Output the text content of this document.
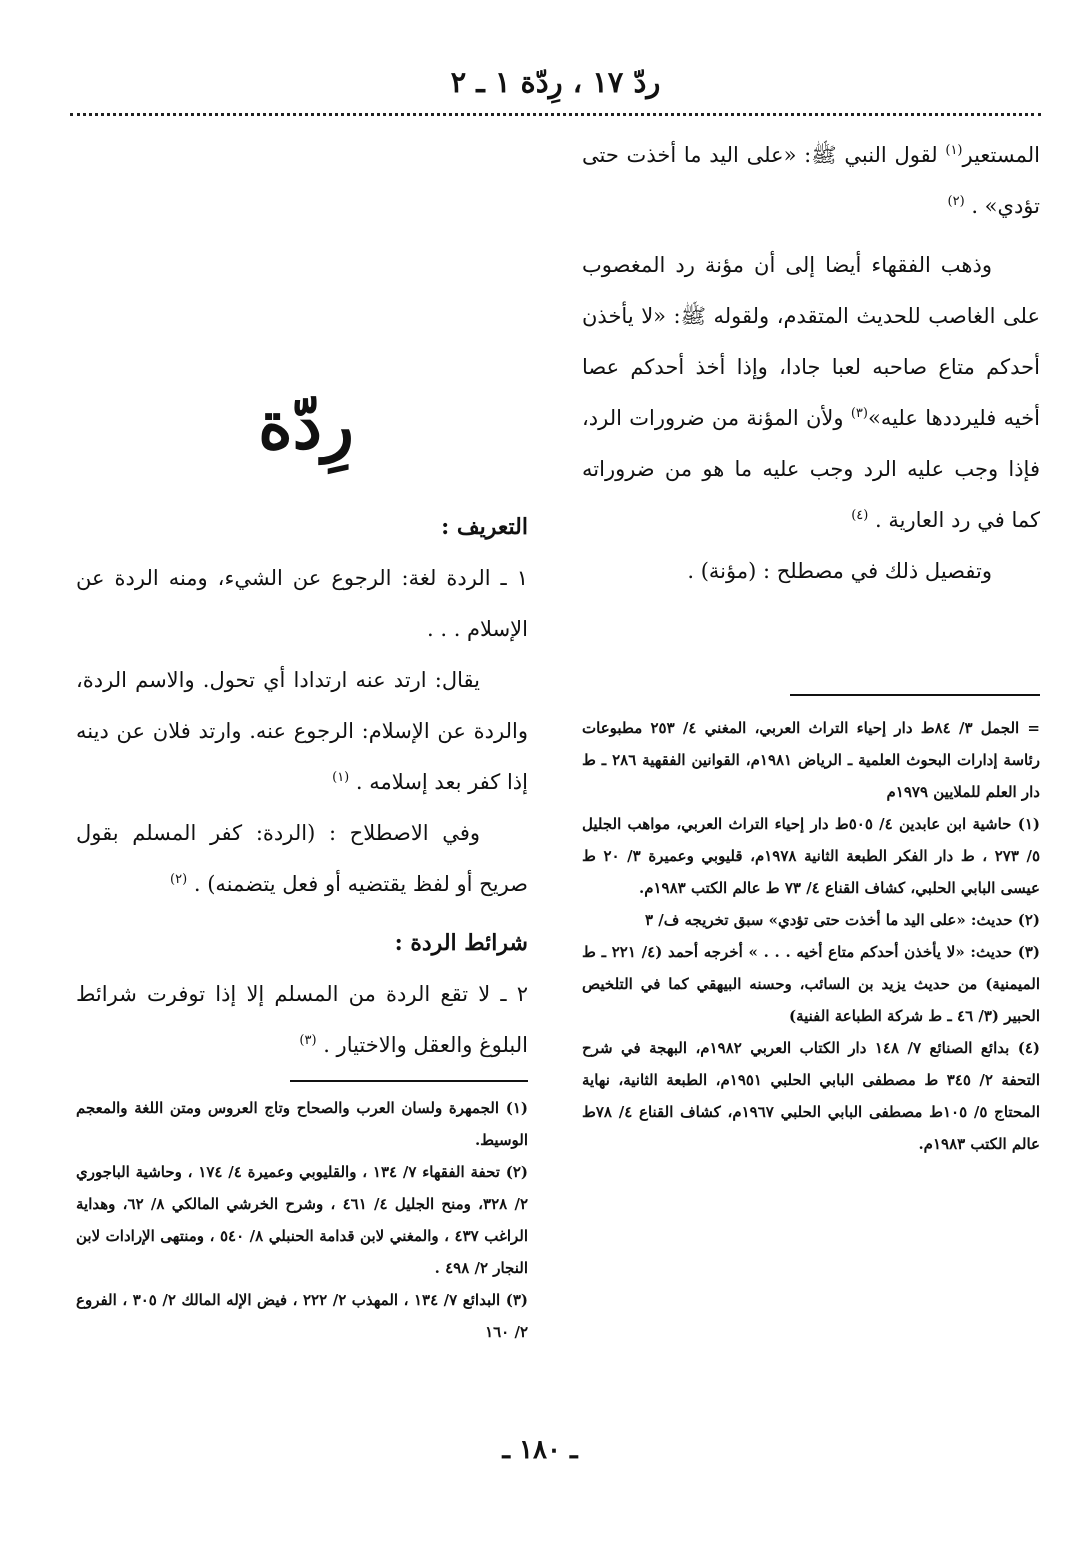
ردّ ١٧ ، رِدّة ١ ـ ٢

المستعير$^{(١)}$ لقول النبي ﷺ: «على اليد ما أخذت حتى تؤدي» . $^{(٢)}$

وذهب الفقهاء أيضا إلى أن مؤنة رد المغصوب على الغاصب للحديث المتقدم، ولقوله ﷺ: «لا يأخذن أحدكم متاع صاحبه لعبا جادا، وإذا أخذ أحدكم عصا أخيه فليرددها عليه»$^{(٣)}$ ولأن المؤنة من ضرورات الرد، فإذا وجب عليه الرد وجب عليه ما هو من ضروراته كما في رد العارية . $^{(٤)}$

وتفصيل ذلك في مصطلح : (مؤنة) .

= الجمل ٣/ ٨٤ط دار إحياء التراث العربي، المغني ٤/ ٢٥٣ مطبوعات رئاسة إدارات البحوث العلمية ـ الرياض ١٩٨١م، القوانين الفقهية ٢٨٦ ـ ط دار العلم للملايين ١٩٧٩م

(١) حاشية ابن عابدين ٤/ ٥٠٥ط دار إحياء التراث العربي، مواهب الجليل ٥/ ٢٧٣ ، ط دار الفكر الطبعة الثانية ١٩٧٨م، قليوبي وعميرة ٣/ ٢٠ ط عيسى البابي الحلبي، كشاف القناع ٤/ ٧٣ ط عالم الكتب ١٩٨٣م.

(٢) حديث: «على اليد ما أخذت حتى تؤدي» سبق تخريجه ف/ ٣

(٣) حديث: «لا يأخذن أحدكم متاع أخيه . . . » أخرجه أحمد (٤/ ٢٢١ ـ ط الميمنية) من حديث يزيد بن السائب، وحسنه البيهقي كما في التلخيص الحبير (٣/ ٤٦ ـ ط شركة الطباعة الفنية)

(٤) بدائع الصنائع ٧/ ١٤٨ دار الكتاب العربي ١٩٨٢م، البهجة في شرح التحفة ٢/ ٣٤٥ ط مصطفى البابي الحلبي ١٩٥١م، الطبعة الثانية، نهاية المحتاج ٥/ ١٠٥ط مصطفى البابي الحلبي ١٩٦٧م، كشاف القناع ٤/ ٧٨ط عالم الكتب ١٩٨٣م.

رِدّة

التعريف :

١ ـ الردة لغة: الرجوع عن الشيء، ومنه الردة عن الإسلام . . .

يقال: ارتد عنه ارتدادا أي تحول. والاسم الردة، والردة عن الإسلام: الرجوع عنه. وارتد فلان عن دينه إذا كفر بعد إسلامه . $^{(١)}$

وفي الاصطلاح : (الردة: كفر المسلم بقول صريح أو لفظ يقتضيه أو فعل يتضمنه) . $^{(٢)}$

شرائط الردة :

٢ ـ لا تقع الردة من المسلم إلا إذا توفرت شرائط البلوغ والعقل والاختيار . $^{(٣)}$

(١) الجمهرة ولسان العرب والصحاح وتاج العروس ومتن اللغة والمعجم الوسيط.

(٢) تحفة الفقهاء ٧/ ١٣٤ ، والقليوبي وعميرة ٤/ ١٧٤ ، وحاشية الباجوري ٢/ ٣٢٨، ومنح الجليل ٤/ ٤٦١ ، وشرح الخرشي المالكي ٨/ ٦٢، وهداية الراغب ٤٣٧ ، والمغني لابن قدامة الحنبلي ٨/ ٥٤٠ ، ومنتهى الإرادات لابن النجار ٢/ ٤٩٨ .

(٣) البدائع ٧/ ١٣٤ ، المهذب ٢/ ٢٢٢ ، فيض الإله المالك ٢/ ٣٠٥ ، الفروع ٢/ ١٦٠

ـ ١٨٠ ـ
